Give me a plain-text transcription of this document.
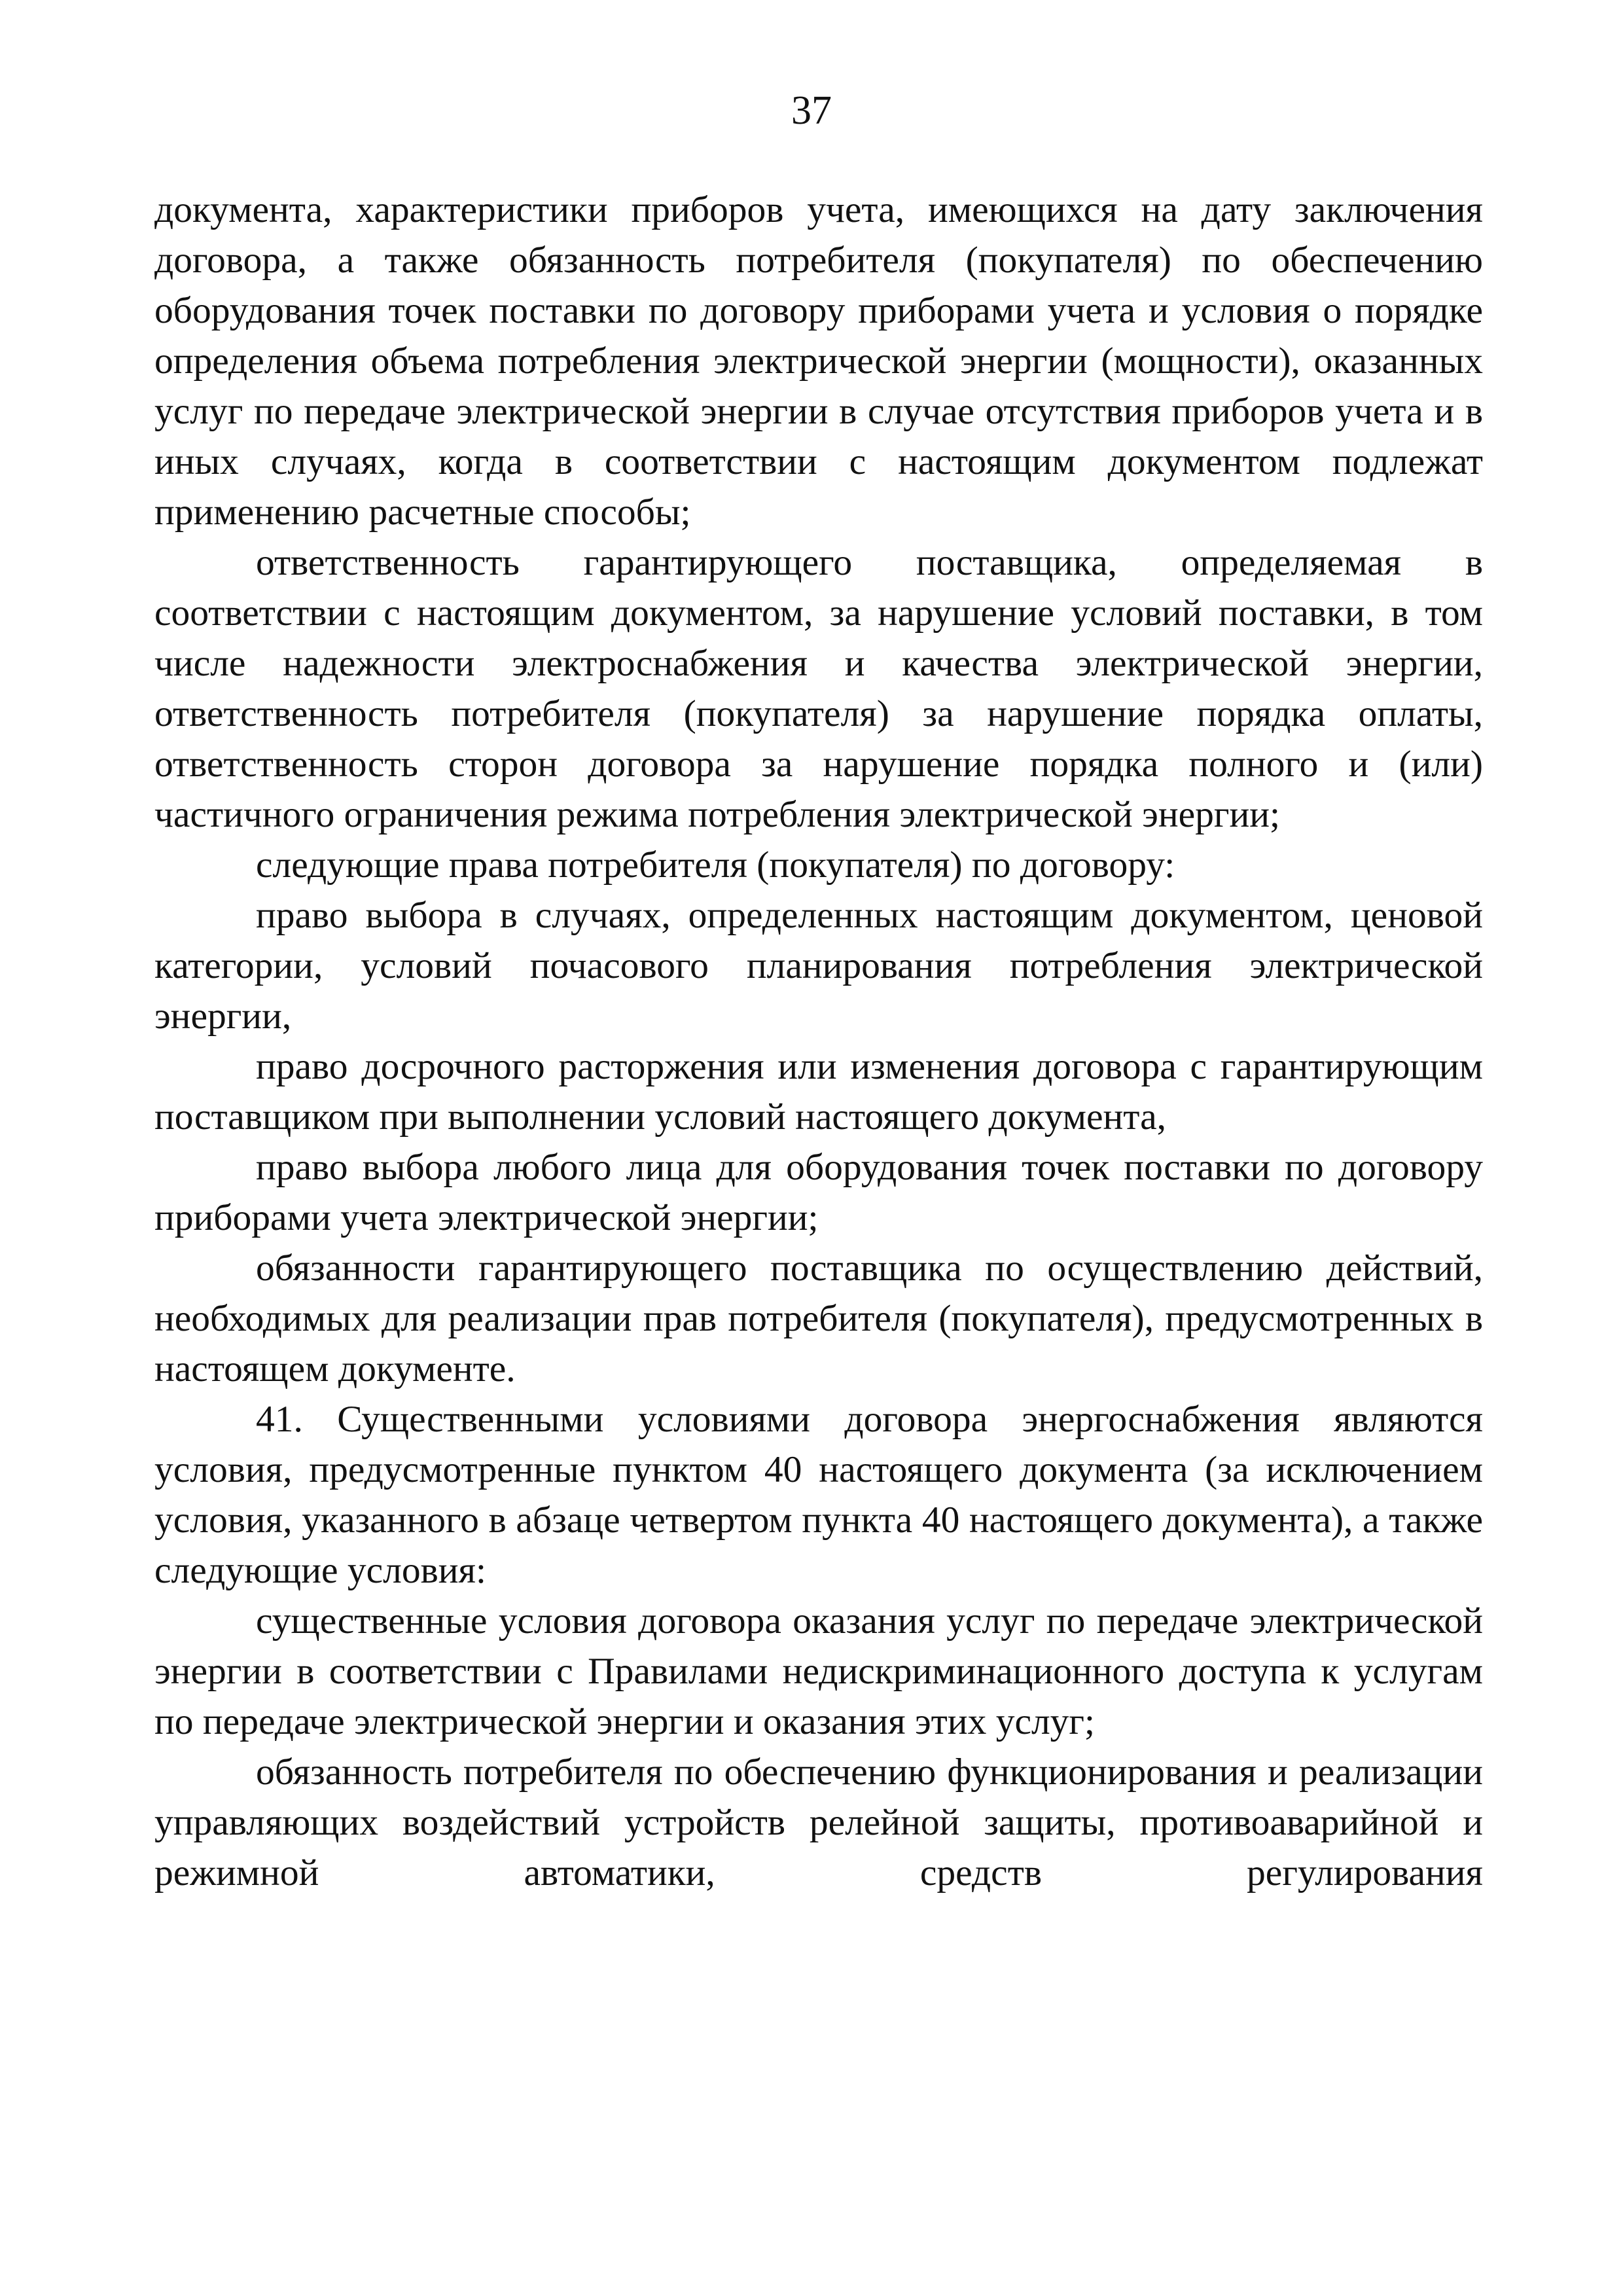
37

документа, характеристики приборов учета, имеющихся на дату заключения договора, а также обязанность потребителя (покупателя) по обеспечению оборудования точек поставки по договору приборами учета и условия о порядке определения объема потребления электрической энергии (мощности), оказанных услуг по передаче электрической энергии в случае отсутствия приборов учета и в иных случаях, когда в соответствии с настоящим документом подлежат применению расчетные способы;

ответственность гарантирующего поставщика, определяемая в соответствии с настоящим документом, за нарушение условий поставки, в том числе надежности электроснабжения и качества электрической энергии, ответственность потребителя (покупателя) за нарушение порядка оплаты, ответственность сторон договора за нарушение порядка полного и (или) частичного ограничения режима потребления электрической энергии;

следующие права потребителя (покупателя) по договору:

право выбора в случаях, определенных настоящим документом, ценовой категории, условий почасового планирования потребления электрической энергии,

право досрочного расторжения или изменения договора с гарантирующим поставщиком при выполнении условий настоящего документа,

право выбора любого лица для оборудования точек поставки по договору приборами учета электрической энергии;

обязанности гарантирующего поставщика по осуществлению действий, необходимых для реализации прав потребителя (покупателя), предусмотренных в настоящем документе.

41. Существенными условиями договора энергоснабжения являются условия, предусмотренные пунктом 40 настоящего документа (за исключением условия, указанного в абзаце четвертом пункта 40 настоящего документа), а также следующие условия:

существенные условия договора оказания услуг по передаче электрической энергии в соответствии с Правилами недискриминационного доступа к услугам по передаче электрической энергии и оказания этих услуг;

обязанность потребителя по обеспечению функционирования и реализации управляющих воздействий устройств релейной защиты, противоаварийной и режимной автоматики, средств регулирования
